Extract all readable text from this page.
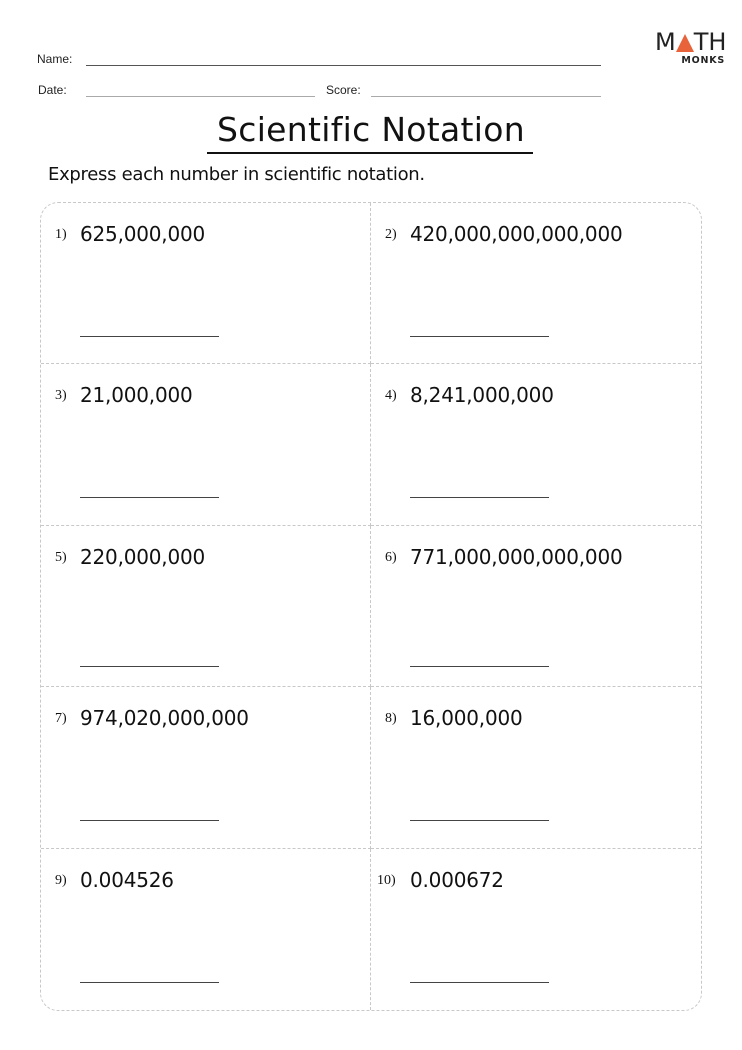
Name:
Date:	Score:
M TH
MONKS
Scientific Notation
Express each number in scientific notation.
1) 625,000,000	2) 420,000,000,000,000
3) 21,000,000	4) 8,241,000,000
5) 220,000,000	6) 771,000,000,000,000
7) 974,020,000,000	8) 16,000,000
9) 0.004526	10) 0.000672
